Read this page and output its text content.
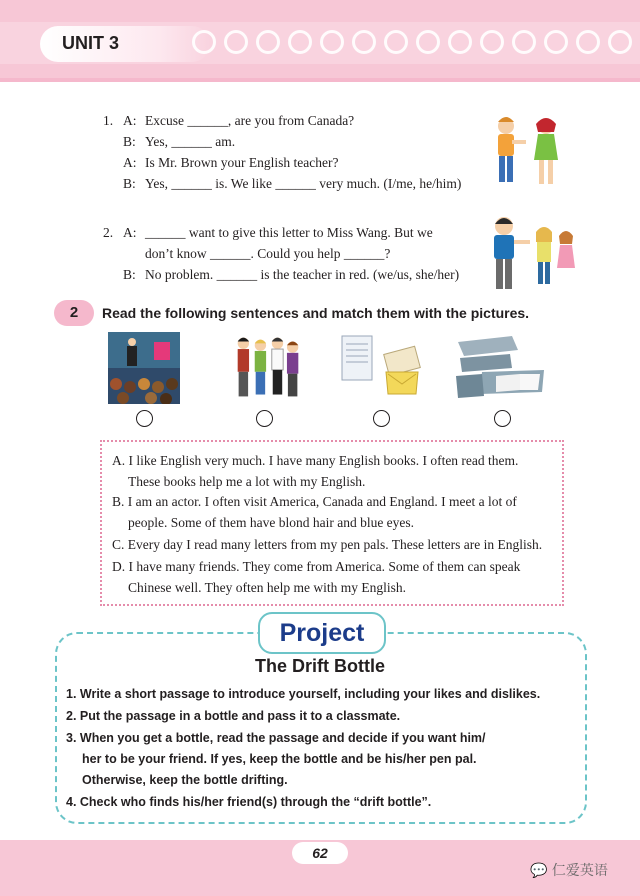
UNIT 3
1. A: Excuse ______, are you from Canada?
B: Yes, ______ am.
A: Is Mr. Brown your English teacher?
B: Yes, ______ is. We like ______ very much. (I/me, he/him)
2. A: ______ want to give this letter to Miss Wang. But we
don’t know ______. Could you help ______?
B: No problem. ______ is the teacher in red. (we/us, she/her)
2	Read the following sentences and match them with the pictures.
A. I like English very much. I have many English books. I often read them.
These books help me a lot with my English.
B. I am an actor. I often visit America, Canada and England. I meet a lot of
people. Some of them have blond hair and blue eyes.
C. Every day I read many letters from my pen pals. These letters are in English.
D. I have many friends. They come from America. Some of them can speak
Chinese well. They often help me with my English.
Project
The Drift Bottle
1. Write a short passage to introduce yourself, including your likes and dislikes.
2. Put the passage in a bottle and pass it to a classmate.
3. When you get a bottle, read the passage and decide if you want him/
her to be your friend. If yes, keep the bottle and be his/her pen pal.
Otherwise, keep the bottle drifting.
4. Check who finds his/her friend(s) through the “drift bottle”.
62
💬 仁爱英语
